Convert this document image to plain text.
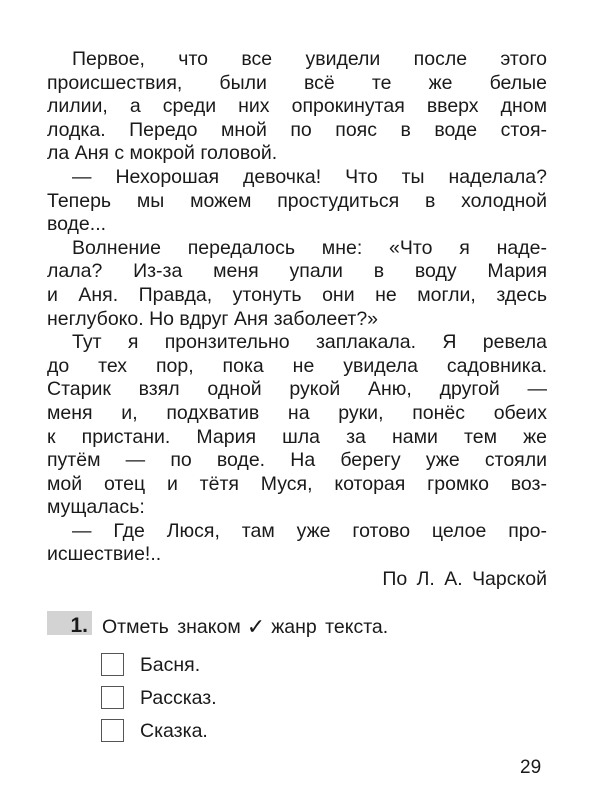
Первое, что все увидели после этого
происшествия, были всё те же белые
лилии, а среди них опрокинутая вверх дном
лодка. Передо мной по пояс в воде стоя-
ла Аня с мокрой головой.
— Нехорошая девочка! Что ты наделала?
Теперь мы можем простудиться в холодной
воде...
Волнение передалось мне: «Что я наде-
лала? Из-за меня упали в воду Мария
и Аня. Правда, утонуть они не могли, здесь
неглубоко. Но вдруг Аня заболеет?»
Тут я пронзительно заплакала. Я ревела
до тех пор, пока не увидела садовника.
Старик взял одной рукой Аню, другой —
меня и, подхватив на руки, понёс обеих
к пристани. Мария шла за нами тем же
путём — по воде. На берегу уже стояли
мой отец и тётя Муся, которая громко воз-
мущалась:
— Где Люся, там уже готово целое про-
исшествие!..
По Л. А. Чарской
1. Отметь знаком ✓ жанр текста.
Басня.
Рассказ.
Сказка.
29
